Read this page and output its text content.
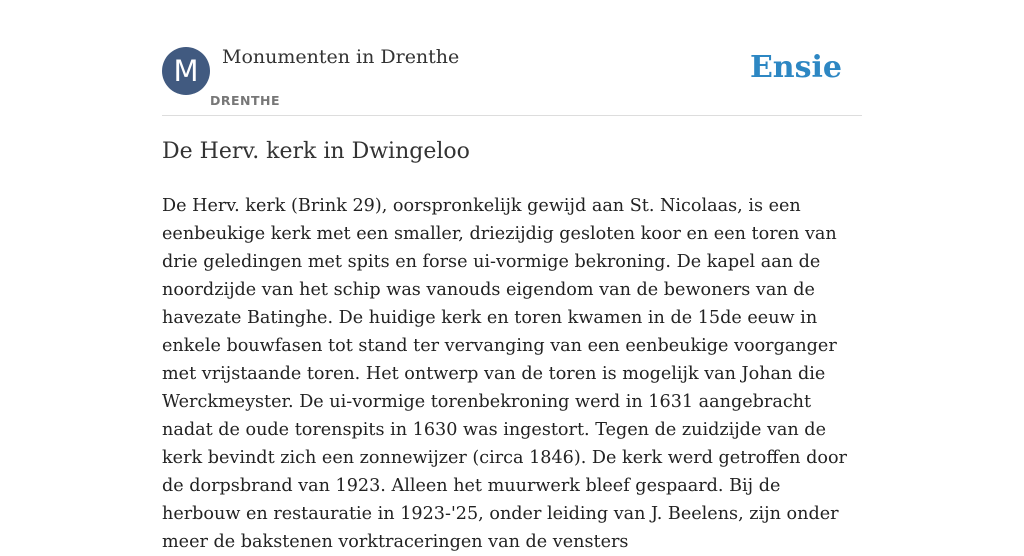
M	Monumenten in Drenthe
DRENTHE
Ensie
De Herv. kerk in Dwingeloo

De Herv. kerk (Brink 29), oorspronkelijk gewijd aan St. Nicolaas, is een eenbeukige kerk met een smaller, driezijdig gesloten koor en een toren van drie geledingen met spits en forse ui-vormige bekroning. De kapel aan de noordzijde van het schip was vanouds eigendom van de bewoners van de havezate Batinghe. De huidige kerk en toren kwamen in de 15de eeuw in enkele bouwfasen tot stand ter vervanging van een eenbeukige voorganger met vrijstaande toren. Het ontwerp van de toren is mogelijk van Johan die Werckmeyster. De ui-vormige torenbekroning werd in 1631 aangebracht nadat de oude torenspits in 1630 was ingestort. Tegen de zuidzijde van de kerk bevindt zich een zonnewijzer (circa 1846). De kerk werd getroffen door de dorpsbrand van 1923. Alleen het muurwerk bleef gespaard. Bij de herbouw en restauratie in 1923-'25, onder leiding van J. Beelens, zijn onder meer de bakstenen vorktraceringen van de vensters
